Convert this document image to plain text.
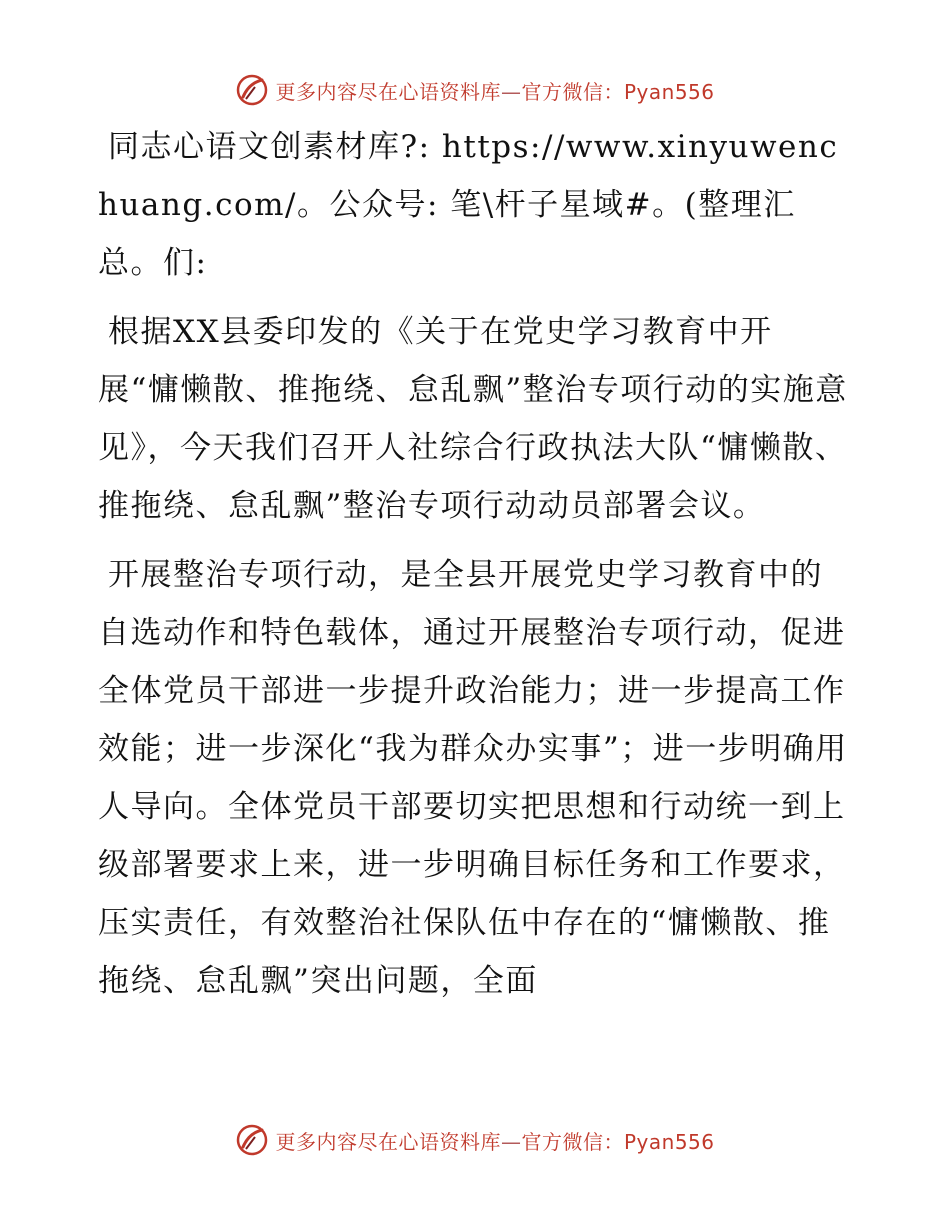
更多内容尽在心语资料库—官方微信：Pyan556

同志心语文创素材库?: https://www.xinyuwenchuang.com/。公众号: 笔\杆子星域#。(整理汇总。们:

根据XX县委印发的《关于在党史学习教育中开展“慵懒散、推拖绕、怠乱飘”整治专项行动的实施意见》，今天我们召开人社综合行政执法大队“慵懒散、推拖绕、怠乱飘”整治专项行动动员部署会议。

开展整治专项行动，是全县开展党史学习教育中的自选动作和特色载体，通过开展整治专项行动，促进全体党员干部进一步提升政治能力；进一步提高工作效能；进一步深化“我为群众办实事”；进一步明确用人导向。全体党员干部要切实把思想和行动统一到上级部署要求上来，进一步明确目标任务和工作要求，压实责任，有效整治社保队伍中存在的“慵懒散、推拖绕、怠乱飘”突出问题，全面

更多内容尽在心语资料库—官方微信：Pyan556
